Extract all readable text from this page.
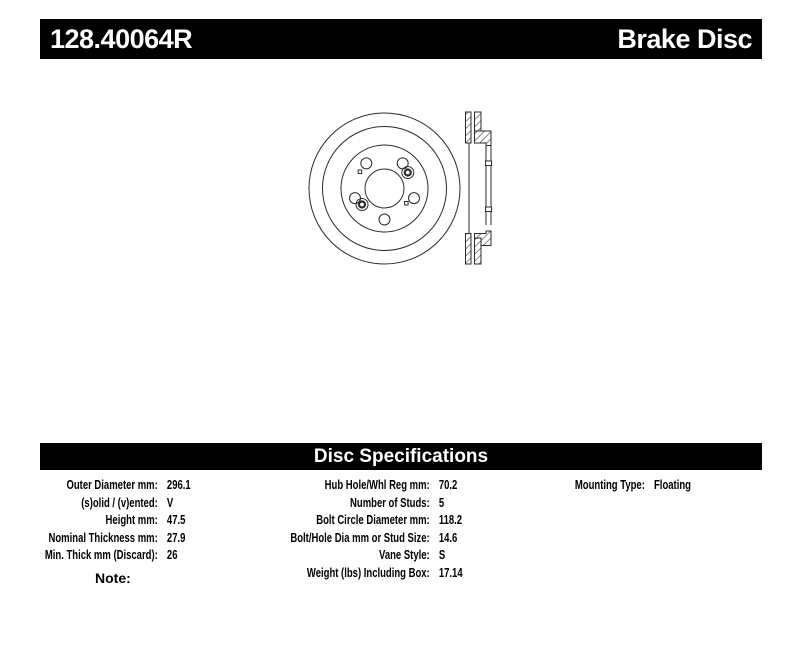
128.40064R	Brake Disc
Disc Specifications
Outer Diameter mm: 296.1
(s)olid / (v)ented: V
Height mm: 47.5
Nominal Thickness mm: 27.9
Min. Thick mm (Discard): 26
Hub Hole/Whl Reg mm: 70.2
Number of Studs: 5
Bolt Circle Diameter mm: 118.2
Bolt/Hole Dia mm or Stud Size: 14.6
Vane Style: S
Weight (lbs) Including Box: 17.14
Mounting Type: Floating
Note:
